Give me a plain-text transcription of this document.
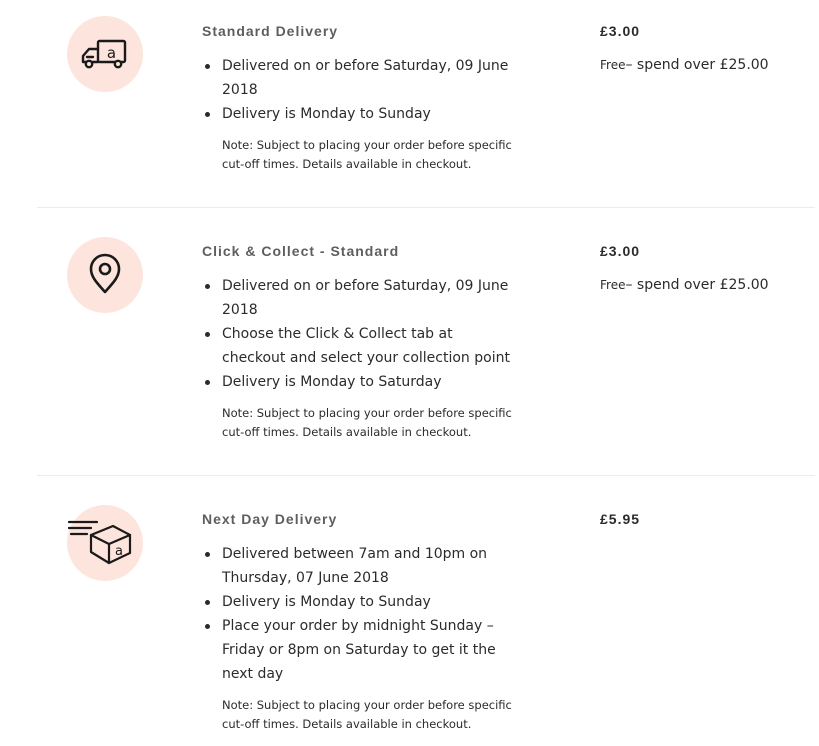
a
Standard Delivery
Delivered on or before Saturday, 09 June 2018
Delivery is Monday to Sunday
Note: Subject to placing your order before specific cut-off times. Details available in checkout.
£3.00
Free– spend over £25.00
Click & Collect - Standard
Delivered on or before Saturday, 09 June 2018
Choose the Click & Collect tab at checkout and select your collection point
Delivery is Monday to Saturday
Note: Subject to placing your order before specific cut-off times. Details available in checkout.
£3.00
Free– spend over £25.00
a
Next Day Delivery
Delivered between 7am and 10pm on Thursday, 07 June 2018
Delivery is Monday to Sunday
Place your order by midnight Sunday – Friday or 8pm on Saturday to get it the next day
Note: Subject to placing your order before specific cut-off times. Details available in checkout.
£5.95
